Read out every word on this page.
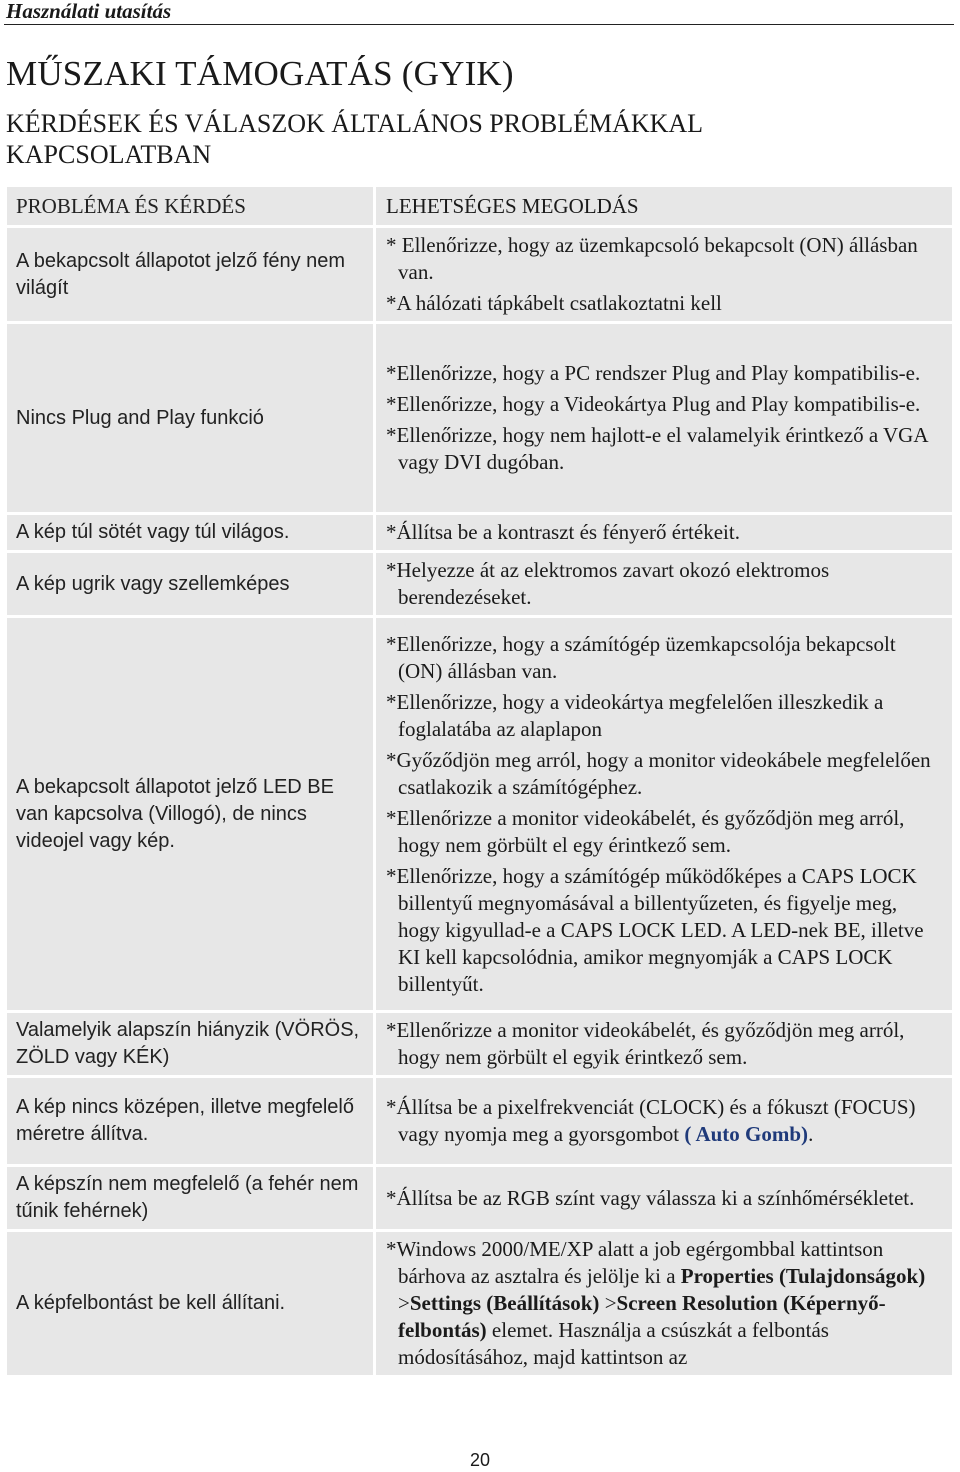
Használati utasítás
MŰSZAKI TÁMOGATÁS (GYIK)
KÉRDÉSEK ÉS VÁLASZOK ÁLTALÁNOS PROBLÉMÁKKAL KAPCSOLATBAN
PROBLÉMA ÉS KÉRDÉS	LEHETSÉGES MEGOLDÁS
A bekapcsolt állapotot jelző fény nem világít	* Ellenőrizze, hogy az üzemkapcsoló bekapcsolt (ON) állásban van.
*A hálózati tápkábelt csatlakoztatni kell

Nincs Plug and Play funkció	*Ellenőrizze, hogy a PC rendszer Plug and Play kompatibilis-e.
*Ellenőrizze, hogy a Videokártya Plug and Play kompatibilis-e.
*Ellenőrizze, hogy nem hajlott-e el valamelyik érintkező a VGA vagy DVI dugóban.

A kép túl sötét vagy túl világos.	*Állítsa be a kontraszt és fényerő értékeit.

A kép ugrik vagy szellemképes	*Helyezze át az elektromos zavart okozó elektromos berendezéseket.

A bekapcsolt állapotot jelző LED BE van kapcsolva (Villogó), de nincs videojel vagy kép.	*Ellenőrizze, hogy a számítógép üzemkapcsolója bekapcsolt (ON) állásban van.
*Ellenőrizze, hogy a videokártya megfelelően illeszkedik a foglalatába az alaplapon
*Győződjön meg arról, hogy a monitor videokábele megfelelően csatlakozik a számítógéphez.
*Ellenőrizze a monitor videokábelét, és győződjön meg arról, hogy nem görbült el egy érintkező sem.
*Ellenőrizze, hogy a számítógép működőképes a CAPS LOCK billentyű megnyomásával a billentyűzeten, és figyelje meg, hogy kigyullad-e a CAPS LOCK LED. A LED-nek BE, illetve KI kell kapcsolódnia, amikor megnyomják a CAPS LOCK billentyűt.

Valamelyik alapszín hiányzik (VÖRÖS, ZÖLD vagy KÉK)	*Ellenőrizze a monitor videokábelét, és győződjön meg arról, hogy nem görbült el egyik érintkező sem.

A kép nincs középen, illetve megfelelő méretre állítva.	*Állítsa be a pixelfrekvenciát (CLOCK) és a fókuszt (FOCUS) vagy nyomja meg a gyorsgombot ( Auto Gomb).

A képszín nem megfelelő (a fehér nem tűnik fehérnek)	*Állítsa be az RGB színt vagy válassza ki a színhőmérsékletet.

A képfelbontást be kell állítani.	*Windows 2000/ME/XP alatt a job egérgombbal kattintson bárhova az asztalra és jelölje ki a Properties (Tulajdonságok) >Settings (Beállítások) >Screen Resolution (Képernyő-felbontás) elemet. Használja a csúszkát a felbontás módosításához, majd kattintson az
20
